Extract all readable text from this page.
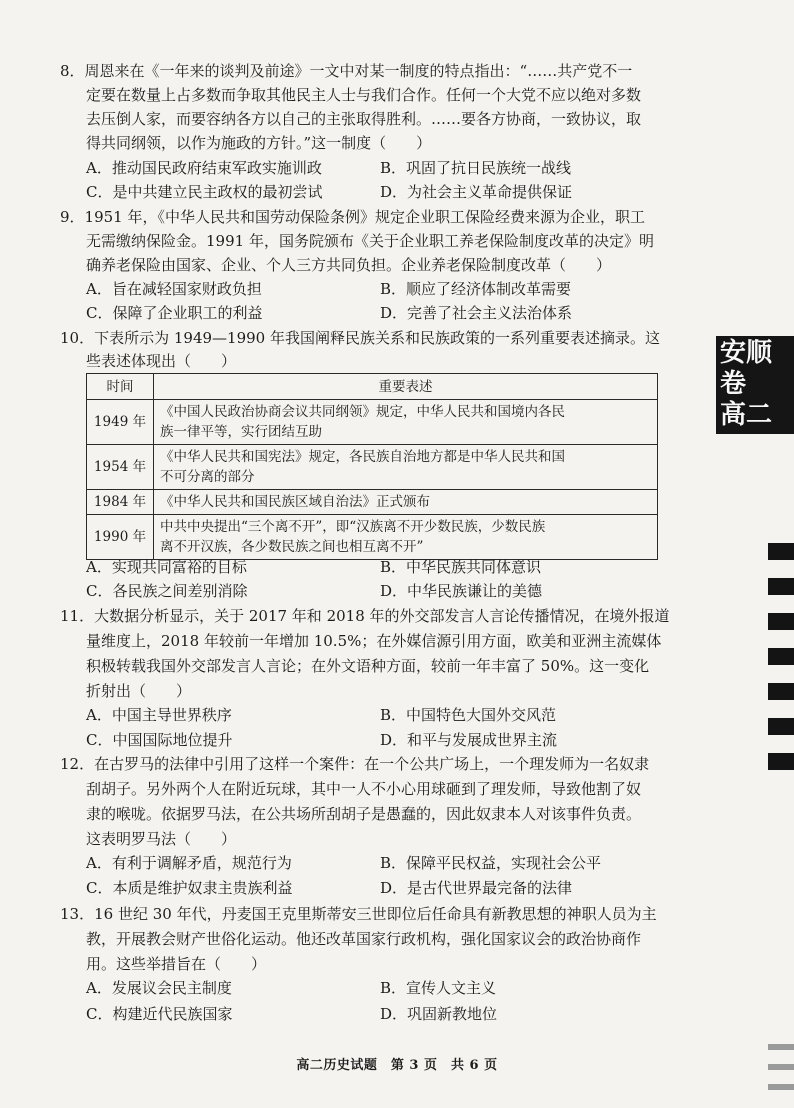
8．周恩来在《一年来的谈判及前途》一文中对某一制度的特点指出：“……共产党不一
定要在数量上占多数而争取其他民主人士与我们合作。任何一个大党不应以绝对多数
去压倒人家，而要容纳各方以自己的主张取得胜利。……要各方协商，一致协议，取
得共同纲领，以作为施政的方针。”这一制度（　　）
A．推动国民政府结束军政实施训政	B．巩固了抗日民族统一战线
C．是中共建立民主政权的最初尝试	D．为社会主义革命提供保证
9．1951 年，《中华人民共和国劳动保险条例》规定企业职工保险经费来源为企业，职工
无需缴纳保险金。1991 年，国务院颁布《关于企业职工养老保险制度改革的决定》明
确养老保险由国家、企业、个人三方共同负担。企业养老保险制度改革（　　）
A．旨在减轻国家财政负担	B．顺应了经济体制改革需要
C．保障了企业职工的利益	D．完善了社会主义法治体系
10．下表所示为 1949—1990 年我国阐释民族关系和民族政策的一系列重要表述摘录。这
些表述体现出（　　）
时间	重要表述
1949 年	《中国人民政治协商会议共同纲领》规定，中华人民共和国境内各民
族一律平等，实行团结互助

1954 年	《中华人民共和国宪法》规定，各民族自治地方都是中华人民共和国
不可分离的部分

1984 年	《中华人民共和国民族区域自治法》正式颁布

1990 年	中共中央提出“三个离不开”，即“汉族离不开少数民族，少数民族
离不开汉族，各少数民族之间也相互离不开”
A．实现共同富裕的目标	B．中华民族共同体意识
C．各民族之间差别消除	D．中华民族谦让的美德
11．大数据分析显示，关于 2017 年和 2018 年的外交部发言人言论传播情况，在境外报道
量维度上，2018 年较前一年增加 10.5%；在外媒信源引用方面，欧美和亚洲主流媒体
积极转载我国外交部发言人言论；在外文语种方面，较前一年丰富了 50%。这一变化
折射出（　　）
A．中国主导世界秩序	B．中国特色大国外交风范
C．中国国际地位提升	D．和平与发展成世界主流
12．在古罗马的法律中引用了这样一个案件：在一个公共广场上，一个理发师为一名奴隶
刮胡子。另外两个人在附近玩球，其中一人不小心用球砸到了理发师，导致他割了奴
隶的喉咙。依据罗马法，在公共场所刮胡子是愚蠢的，因此奴隶本人对该事件负责。
这表明罗马法（　　）
A．有利于调解矛盾，规范行为	B．保障平民权益，实现社会公平
C．本质是维护奴隶主贵族利益	D．是古代世界最完备的法律
13．16 世纪 30 年代，丹麦国王克里斯蒂安三世即位后任命具有新教思想的神职人员为主
教，开展教会财产世俗化运动。他还改革国家行政机构，强化国家议会的政治协商作
用。这些举措旨在（　　）
A．发展议会民主制度	B．宣传人文主义
C．构建近代民族国家	D．巩固新教地位
安顺卷
高二
高二历史试题　第 3 页　共 6 页
